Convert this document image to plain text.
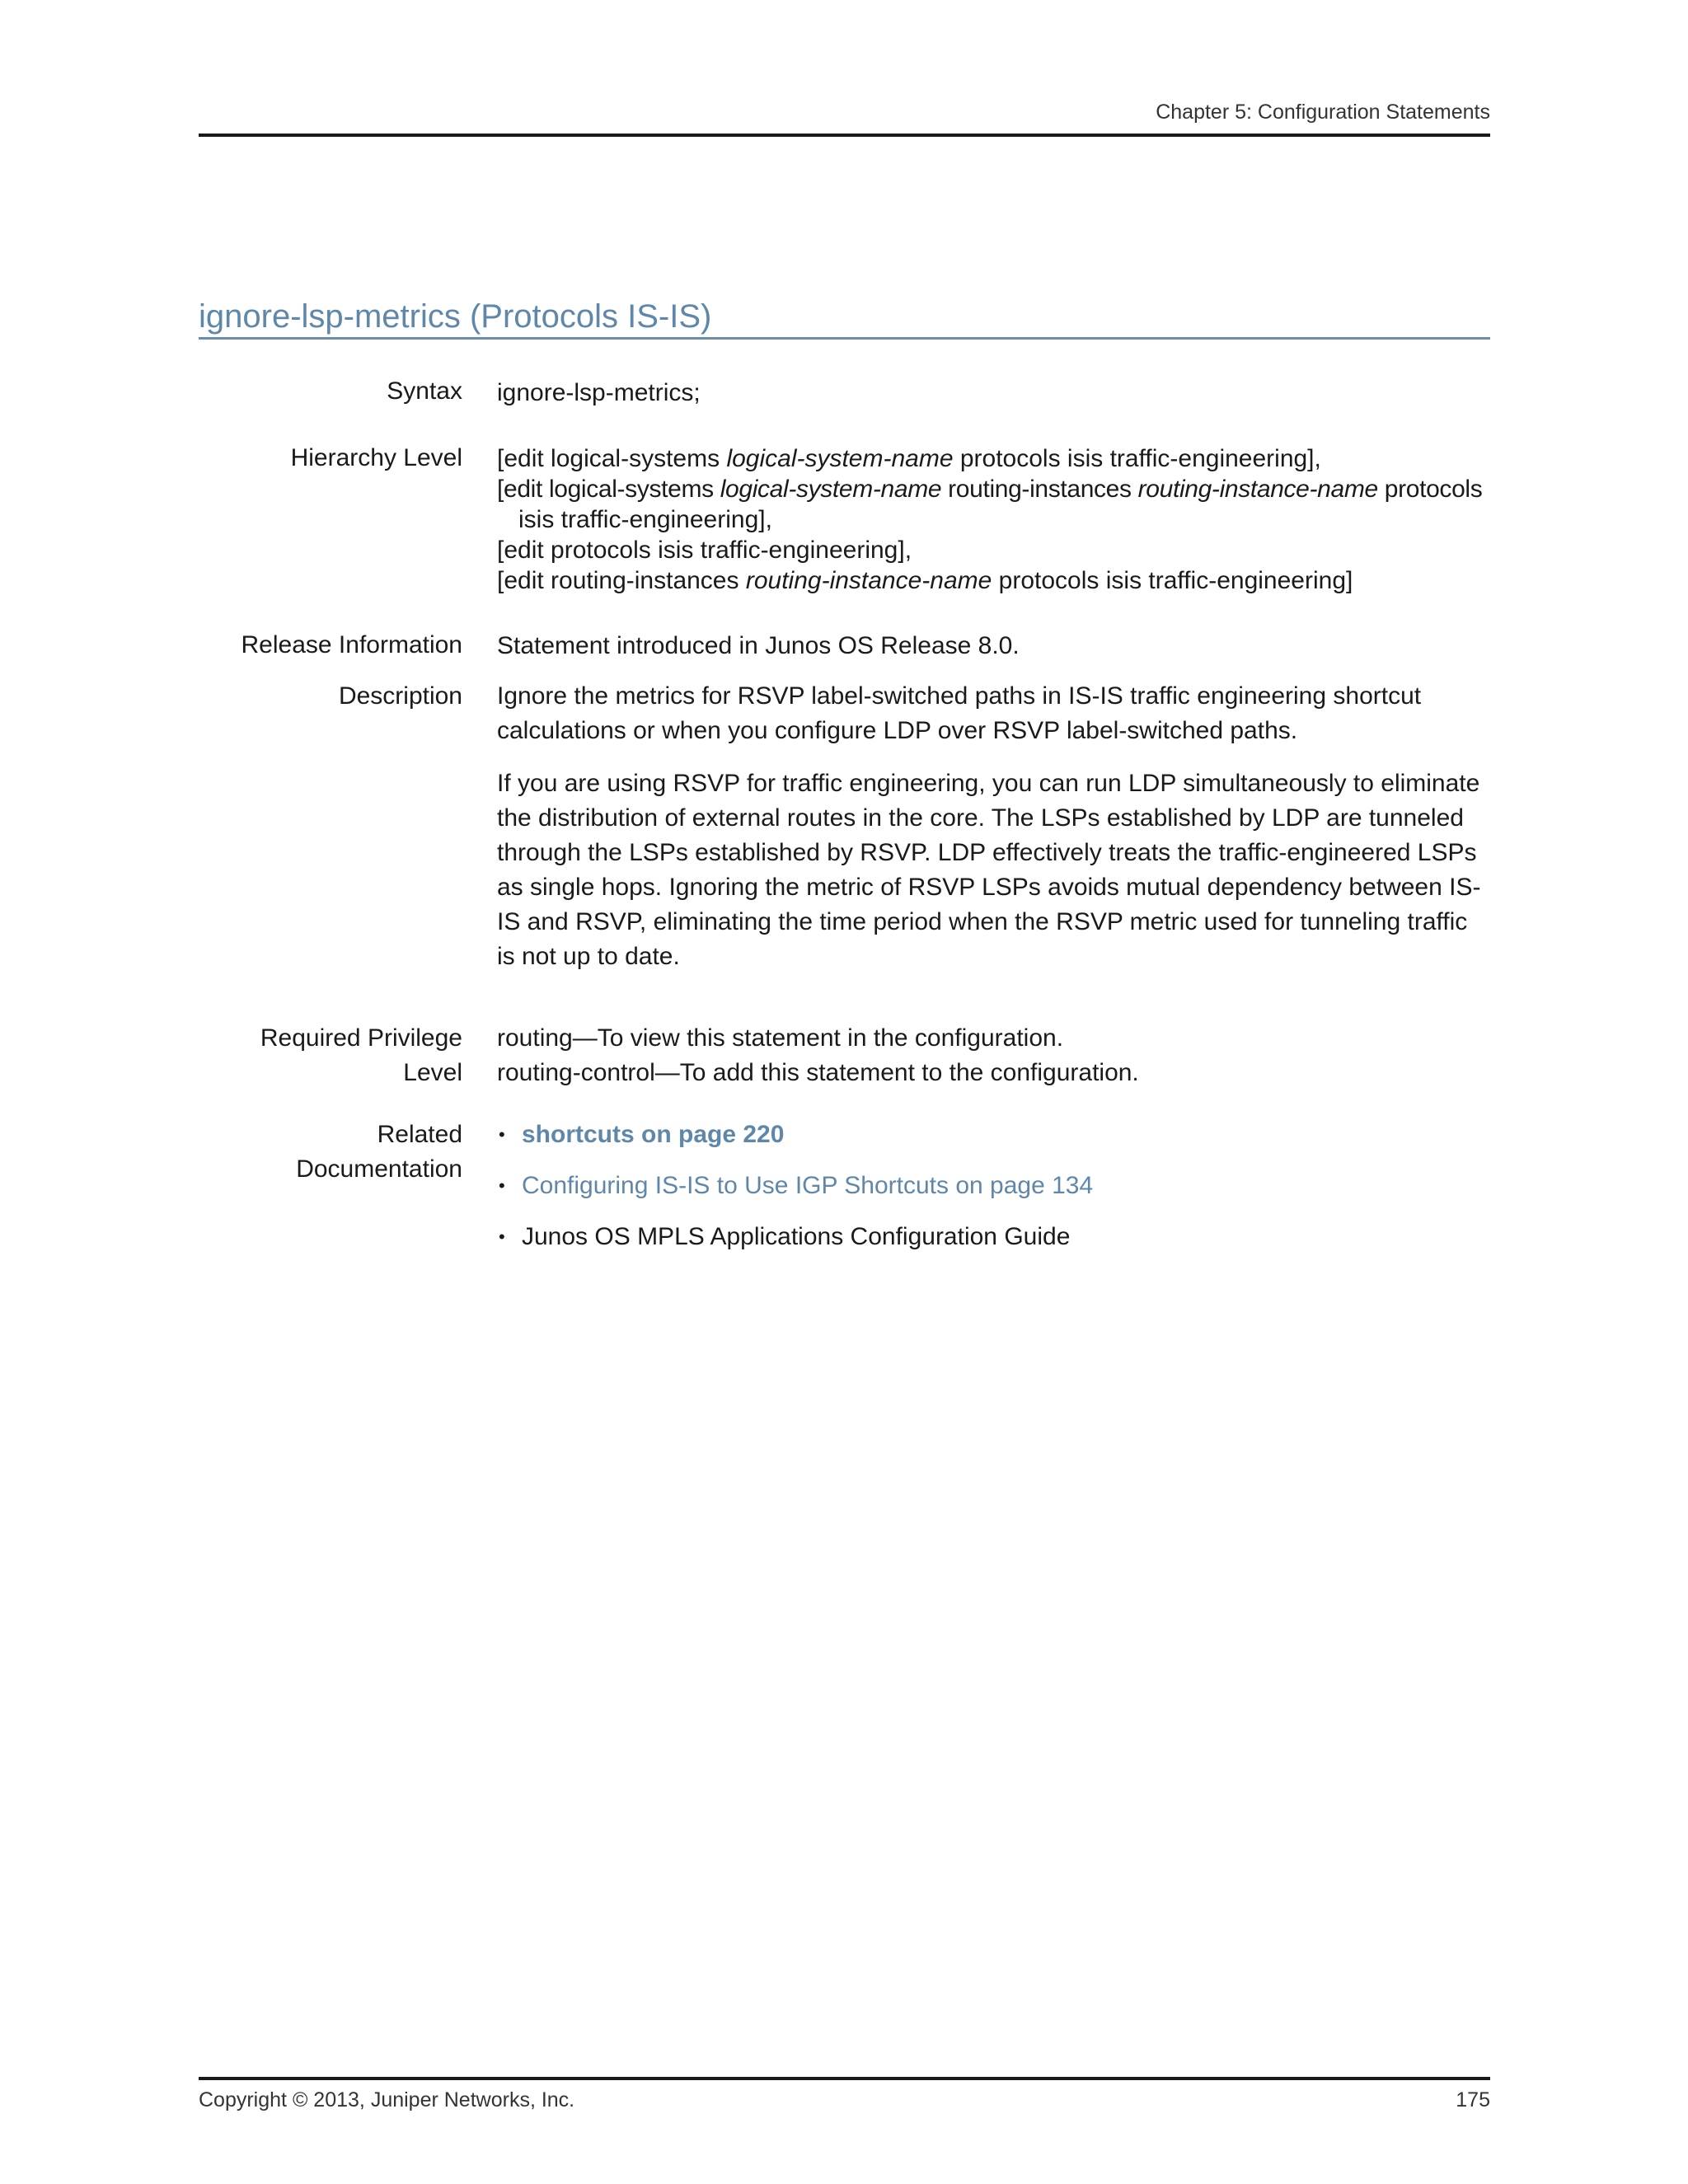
Chapter 5: Configuration Statements
ignore-lsp-metrics (Protocols IS-IS)
Syntax ignore-lsp-metrics;
Hierarchy Level [edit logical-systems logical-system-name protocols isis traffic-engineering],
[edit logical-systems logical-system-name routing-instances routing-instance-name protocols
isis traffic-engineering],
[edit protocols isis traffic-engineering],
[edit routing-instances routing-instance-name protocols isis traffic-engineering]
Release Information Statement introduced in Junos OS Release 8.0.
Description Ignore the metrics for RSVP label-switched paths in IS-IS traffic engineering shortcut calculations or when you configure LDP over RSVP label-switched paths.

If you are using RSVP for traffic engineering, you can run LDP simultaneously to eliminate the distribution of external routes in the core. The LSPs established by LDP are tunneled through the LSPs established by RSVP. LDP effectively treats the traffic-engineered LSPs as single hops. Ignoring the metric of RSVP LSPs avoids mutual dependency between IS-IS and RSVP, eliminating the time period when the RSVP metric used for tunneling traffic is not up to date.

Required Privilege
Level
routing—To view this statement in the configuration.
routing-control—To add this statement to the configuration.
Related
Documentation
• shortcuts on page 220
• Configuring IS-IS to Use IGP Shortcuts on page 134
• Junos OS MPLS Applications Configuration Guide
Copyright © 2013, Juniper Networks, Inc.	175
